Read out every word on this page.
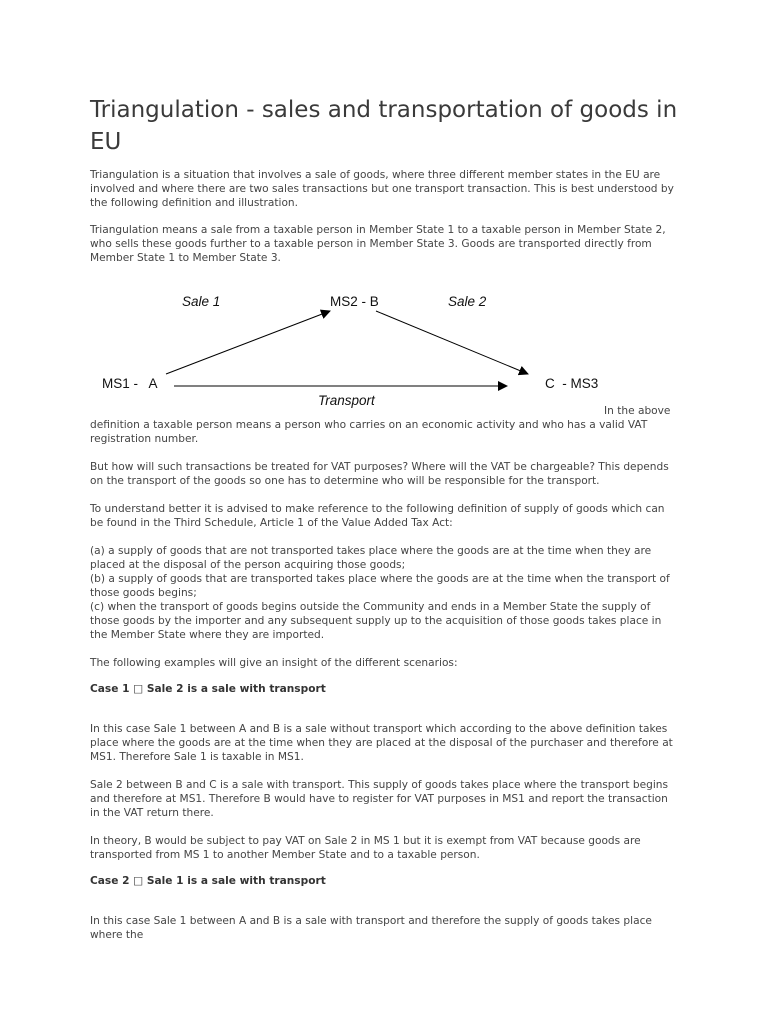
Triangulation - sales and transportation of goods in EU

Triangulation is a situation that involves a sale of goods, where three different member states in the EU are involved and where there are two sales transactions but one transport transaction. This is best understood by the following definition and illustration.

Triangulation means a sale from a taxable person in Member State 1 to a taxable person in Member State 2, who sells these goods further to a taxable person in Member State 3. Goods are transported directly from Member State 1 to Member State 3.

Sale 1	MS2 - B	Sale 2
MS1 -   A	C  - MS3
Transport
In the above

definition a taxable person means a person who carries on an economic activity and who has a valid VAT registration number.

But how will such transactions be treated for VAT purposes? Where will the VAT be chargeable? This depends on the transport of the goods so one has to determine who will be responsible for the transport.

To understand better it is advised to make reference to the following definition of supply of goods which can be found in the Third Schedule, Article 1 of the Value Added Tax Act:

(a) a supply of goods that are not transported takes place where the goods are at the time when they are placed at the disposal of the person acquiring those goods;

(b) a supply of goods that are transported takes place where the goods are at the time when the transport of those goods begins;

(c) when the transport of goods begins outside the Community and ends in a Member State the supply of those goods by the importer and any subsequent supply up to the acquisition of those goods takes place in the Member State where they are imported.

The following examples will give an insight of the different scenarios:

Case 1 □ Sale 2 is a sale with transport

In this case Sale 1 between A and B is a sale without transport which according to the above definition takes place where the goods are at the time when they are placed at the disposal of the purchaser and therefore at MS1. Therefore Sale 1 is taxable in MS1.

Sale 2 between B and C is a sale with transport. This supply of goods takes place where the transport begins and therefore at MS1. Therefore B would have to register for VAT purposes in MS1 and report the transaction in the VAT return there.

In theory, B would be subject to pay VAT on Sale 2 in MS 1 but it is exempt from VAT because goods are transported from MS 1 to another Member State and to a taxable person.

Case 2 □ Sale 1 is a sale with transport

In this case Sale 1 between A and B is a sale with transport and therefore the supply of goods takes place where the
